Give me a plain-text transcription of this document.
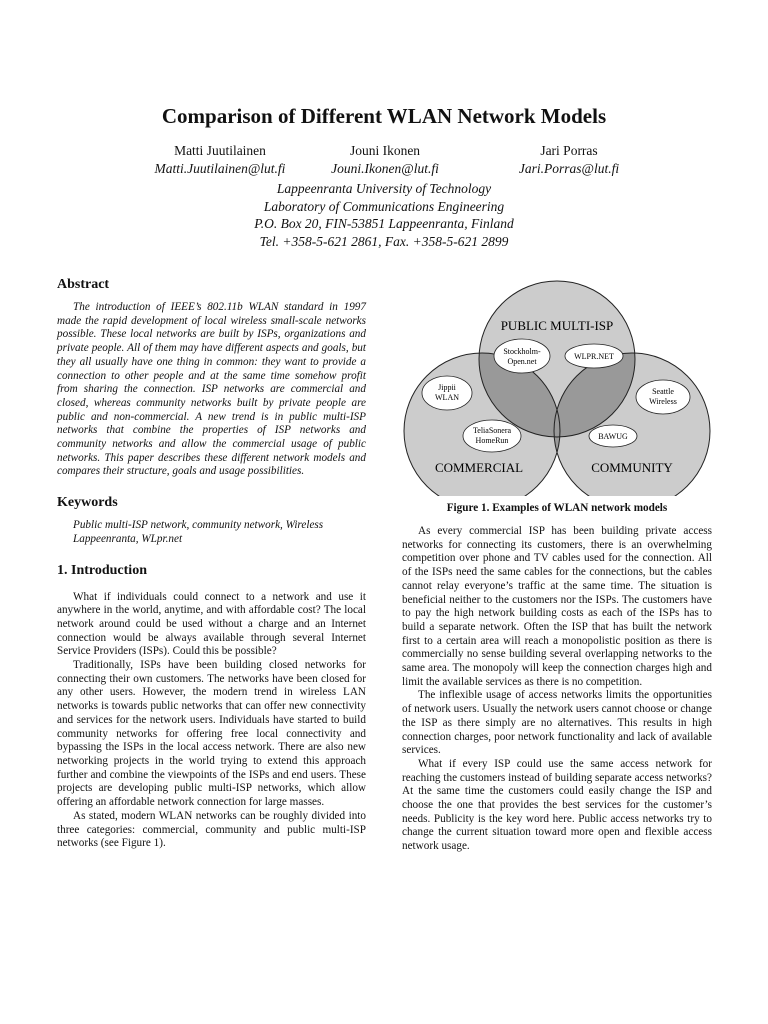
Comparison of Different WLAN Network Models
Matti Juutilainen
Matti.Juutilainen@lut.fi
Jouni Ikonen
Jouni.Ikonen@lut.fi
Jari Porras
Jari.Porras@lut.fi
Lappeenranta University of Technology
Laboratory of Communications Engineering
P.O. Box 20, FIN-53851 Lappeenranta, Finland
Tel. +358-5-621 2861, Fax. +358-5-621 2899
Abstract

The introduction of IEEE’s 802.11b WLAN standard in 1997 made the rapid development of local wireless small-scale networks possible. These local networks are built by ISPs, organizations and private people. All of them may have different aspects and goals, but they all usually have one thing in common: they want to provide a connection to other people and at the same time somehow profit from sharing the connection. ISP networks are commercial and closed, whereas community networks built by private people are public and non-commercial. A new trend is in public multi-ISP networks that combine the properties of ISP networks and community networks and allow the commercial usage of public networks. This paper describes these different network models and compares their structure, goals and usage possibilities.

Keywords

Public multi-ISP network, community network, Wireless Lappeenranta, WLpr.net

1. Introduction

What if individuals could connect to a network and use it anywhere in the world, anytime, and with affordable cost? The local network around could be used without a charge and an Internet connection would be always available through several Internet Service Providers (ISPs). Could this be possible?

Traditionally, ISPs have been building closed networks for connecting their own customers. The networks have been closed for any other users. However, the modern trend in wireless LAN networks is towards public networks that can offer new connectivity and services for the network users. Individuals have started to build community networks for offering free local connectivity and bypassing the ISPs in the local access network. There are also new networking projects in the world trying to extend this approach further and combine the viewpoints of the ISPs and end users. These projects are developing public multi-ISP networks, which allow offering an affordable network connection for large masses.

As stated, modern WLAN networks can be roughly divided into three categories: commercial, community and public multi-ISP networks (see Figure 1).

PUBLIC MULTI-ISP
COMMERCIAL	COMMUNITY
Stockholm-
Open.net
WLPR.NET
Jippii
WLAN
Seattle
Wireless
TeliaSonera
HomeRun	BAWUG
Figure 1. Examples of WLAN network models

As every commercial ISP has been building private access networks for connecting its customers, there is an overwhelming competition over phone and TV cables used for the connection. All of the ISPs need the same cables for the connections, but the cables cannot relay everyone’s traffic at the same time. The situation is beneficial neither to the customers nor the ISPs. The customers have to pay the high network building costs as each of the ISPs has to build a separate network. Often the ISP that has built the network first to a certain area will reach a monopolistic position as there is commercially no sense building several overlapping networks to the same area. The monopoly will keep the connection charges high and limit the available services as there is no competition.

The inflexible usage of access networks limits the opportunities of network users. Usually the network users cannot choose or change the ISP as there simply are no alternatives. This results in high connection charges, poor network functionality and lack of available services.

What if every ISP could use the same access network for reaching the customers instead of building separate access networks? At the same time the customers could easily change the ISP and choose the one that provides the best services for the customer’s needs. Publicity is the key word here. Public access networks try to change the current situation toward more open and flexible access network usage.
